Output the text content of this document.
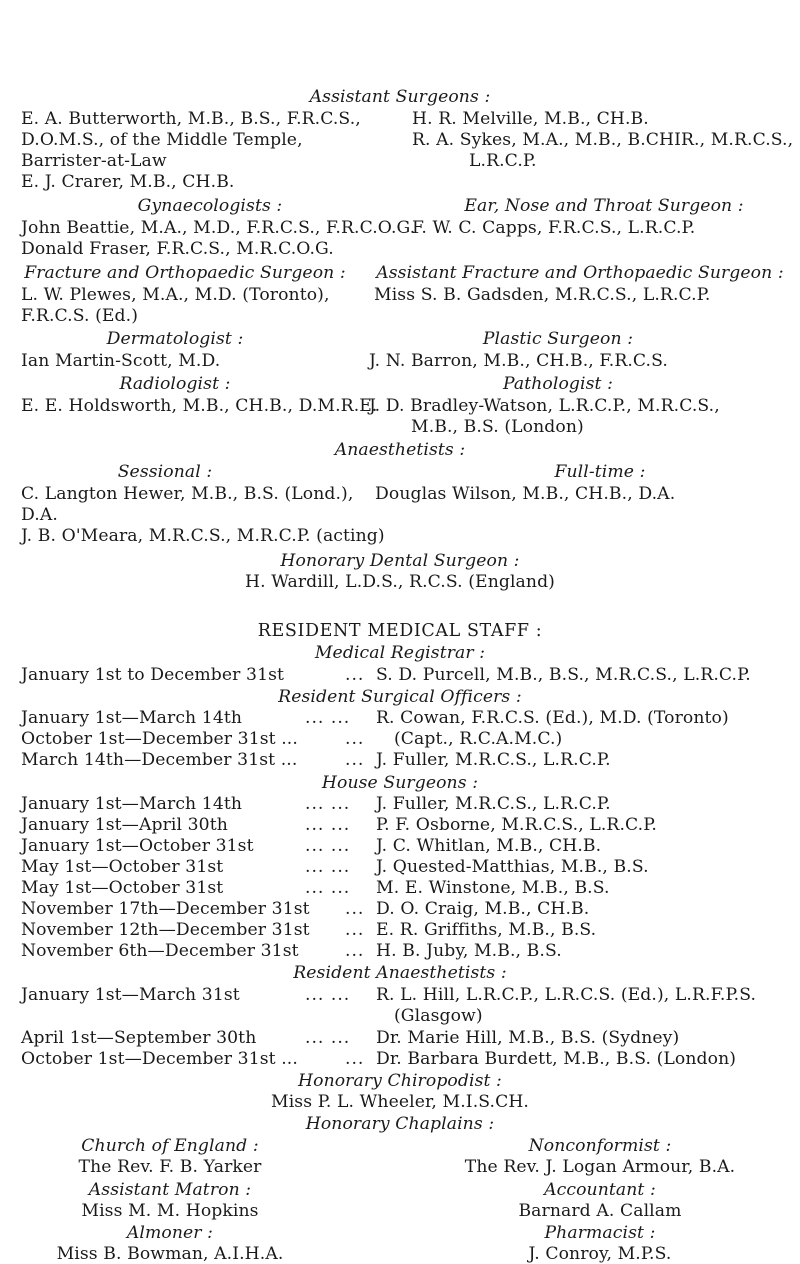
Assistant Surgeons :
E. A. Butterworth, M.B., B.S., F.R.C.S.,
D.O.M.S., of the Middle Temple,
Barrister-at-Law
E. J. Crarer, M.B., CH.B.
H. R. Melville, M.B., CH.B.
R. A. Sykes, M.A., M.B., B.CHIR., M.R.C.S.,
L.R.C.P.
Gynaecologists :
John Beattie, M.A., M.D., F.R.C.S., F.R.C.O.G.
Donald Fraser, F.R.C.S., M.R.C.O.G.
Ear, Nose and Throat Surgeon :
F. W. C. Capps, F.R.C.S., L.R.C.P.
Fracture and Orthopaedic Surgeon :
L. W. Plewes, M.A., M.D. (Toronto),
F.R.C.S. (Ed.)
Assistant Fracture and Orthopaedic Surgeon :
Miss S. B. Gadsden, M.R.C.S., L.R.C.P.
Dermatologist :
Ian Martin-Scott, M.D.
Plastic Surgeon :
J. N. Barron, M.B., CH.B., F.R.C.S.
Radiologist :
E. E. Holdsworth, M.B., CH.B., D.M.R.E.
Pathologist :
J. D. Bradley-Watson, L.R.C.P., M.R.C.S.,
M.B., B.S. (London)
Anaesthetists :
Sessional :	Full-time :
C. Langton Hewer, M.B., B.S. (Lond.), Douglas Wilson, M.B., CH.B., D.A.
D.A.
J. B. O'Meara, M.R.C.S., M.R.C.P. (acting)
Honorary Dental Surgeon :
H. Wardill, L.D.S., R.C.S. (England)
RESIDENT MEDICAL STAFF :
Medical Registrar :
January 1st to December 31st	... S. D. Purcell, M.B., B.S., M.R.C.S., L.R.C.P.
Resident Surgical Officers :
January 1st—March 14th	... ... R. Cowan, F.R.C.S. (Ed.), M.D. (Toronto)
October 1st—December 31st ...	... (Capt., R.C.A.M.C.)
March 14th—December 31st ...	... J. Fuller, M.R.C.S., L.R.C.P.
House Surgeons :
January 1st—March 14th	... ... J. Fuller, M.R.C.S., L.R.C.P.
January 1st—April 30th	... ... P. F. Osborne, M.R.C.S., L.R.C.P.
January 1st—October 31st	... ... J. C. Whitlan, M.B., CH.B.
May 1st—October 31st	... ... J. Quested-Matthias, M.B., B.S.
May 1st—October 31st	... ... M. E. Winstone, M.B., B.S.
November 17th—December 31st ... D. O. Craig, M.B., CH.B.
November 12th—December 31st ... E. R. Griffiths, M.B., B.S.
November 6th—December 31st	... H. B. Juby, M.B., B.S.
Resident Anaesthetists :
January 1st—March 31st	... ... R. L. Hill, L.R.C.P., L.R.C.S. (Ed.), L.R.F.P.S.
(Glasgow)
April 1st—September 30th	... ... Dr. Marie Hill, M.B., B.S. (Sydney)
October 1st—December 31st ...	... Dr. Barbara Burdett, M.B., B.S. (London)
Honorary Chiropodist :
Miss P. L. Wheeler, M.I.S.CH.
Honorary Chaplains :
Church of England :
The Rev. F. B. Yarker
Nonconformist :
The Rev. J. Logan Armour, B.A.
Assistant Matron :
Miss M. M. Hopkins
Accountant :
Barnard A. Callam
Almoner :
Miss B. Bowman, A.I.H.A.
Pharmacist :
J. Conroy, M.P.S.
